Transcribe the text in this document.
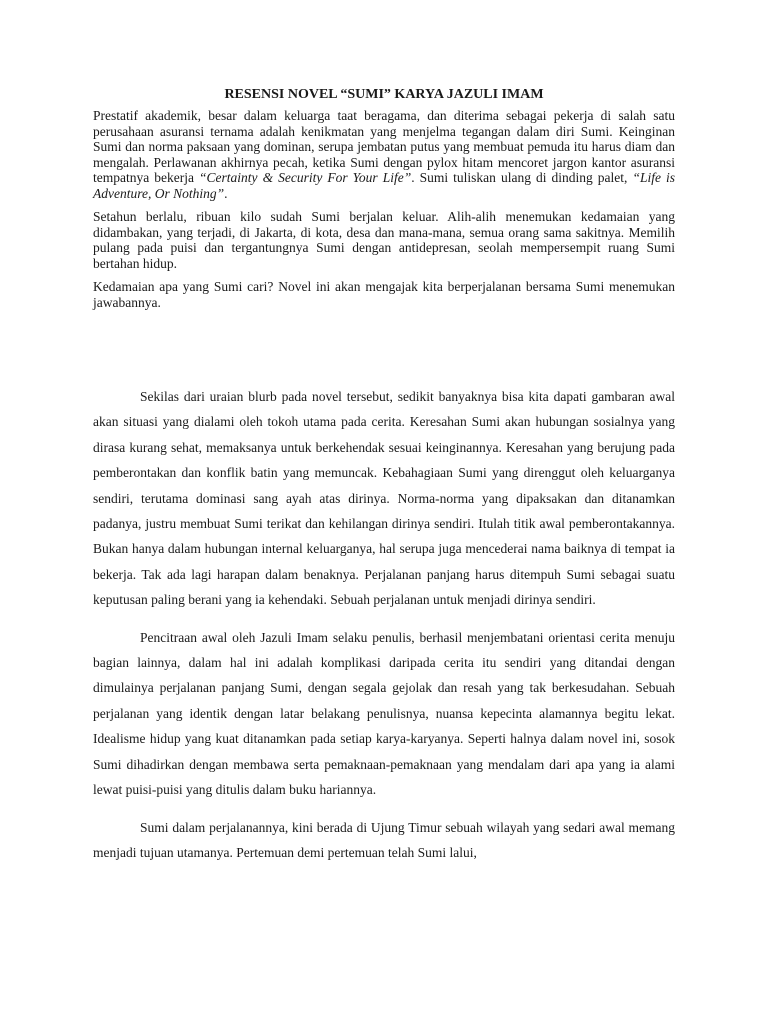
RESENSI NOVEL “SUMI” KARYA JAZULI IMAM

Prestatif akademik, besar dalam keluarga taat beragama, dan diterima sebagai pekerja di salah satu perusahaan asuransi ternama adalah kenikmatan yang menjelma tegangan dalam diri Sumi. Keinginan Sumi dan norma paksaan yang dominan, serupa jembatan putus yang membuat pemuda itu harus diam dan mengalah. Perlawanan akhirnya pecah, ketika Sumi dengan pylox hitam mencoret jargon kantor asuransi tempatnya bekerja “Certainty & Security For Your Life”. Sumi tuliskan ulang di dinding palet, “Life is Adventure, Or Nothing”.

Setahun berlalu, ribuan kilo sudah Sumi berjalan keluar. Alih-alih menemukan kedamaian yang didambakan, yang terjadi, di Jakarta, di kota, desa dan mana-mana, semua orang sama sakitnya. Memilih pulang pada puisi dan tergantungnya Sumi dengan antidepresan, seolah mempersempit ruang Sumi bertahan hidup.

Kedamaian apa yang Sumi cari? Novel ini akan mengajak kita berperjalanan bersama Sumi menemukan jawabannya.

Sekilas dari uraian blurb pada novel tersebut, sedikit banyaknya bisa kita dapati gambaran awal akan situasi yang dialami oleh tokoh utama pada cerita. Keresahan Sumi akan hubungan sosialnya yang dirasa kurang sehat, memaksanya untuk berkehendak sesuai keinginannya. Keresahan yang berujung pada pemberontakan dan konflik batin yang memuncak. Kebahagiaan Sumi yang direnggut oleh keluarganya sendiri, terutama dominasi sang ayah atas dirinya. Norma-norma yang dipaksakan dan ditanamkan padanya, justru membuat Sumi terikat dan kehilangan dirinya sendiri. Itulah titik awal pemberontakannya. Bukan hanya dalam hubungan internal keluarganya, hal serupa juga mencederai nama baiknya di tempat ia bekerja. Tak ada lagi harapan dalam benaknya. Perjalanan panjang harus ditempuh Sumi sebagai suatu keputusan paling berani yang ia kehendaki. Sebuah perjalanan untuk menjadi dirinya sendiri.

Pencitraan awal oleh Jazuli Imam selaku penulis, berhasil menjembatani orientasi cerita menuju bagian lainnya, dalam hal ini adalah komplikasi daripada cerita itu sendiri yang ditandai dengan dimulainya perjalanan panjang Sumi, dengan segala gejolak dan resah yang tak berkesudahan. Sebuah perjalanan yang identik dengan latar belakang penulisnya, nuansa kepecinta alamannya begitu lekat. Idealisme hidup yang kuat ditanamkan pada setiap karya-karyanya. Seperti halnya dalam novel ini, sosok Sumi dihadirkan dengan membawa serta pemaknaan-pemaknaan yang mendalam dari apa yang ia alami lewat puisi-puisi yang ditulis dalam buku hariannya.

Sumi dalam perjalanannya, kini berada di Ujung Timur sebuah wilayah yang sedari awal memang menjadi tujuan utamanya. Pertemuan demi pertemuan telah Sumi lalui,
